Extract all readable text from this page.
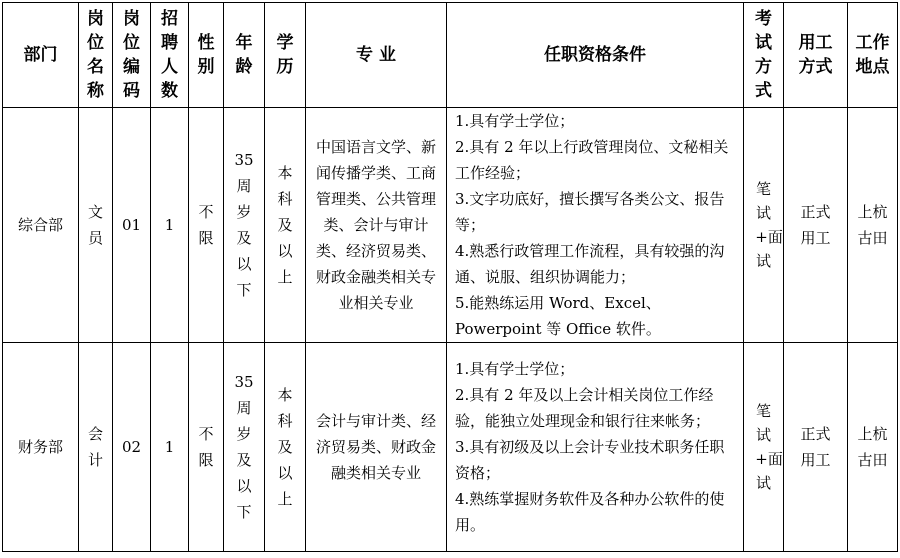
部门	岗位名称	岗位编码	招聘人数	性别	年龄	学历	专 业	任职资格条件	考试方式	用工方式	工作地点
综合部	文员	01	1	不限	35周岁及以下	本科及以上	中国语言文学、新闻传播学类、工商管理类、公共管理类、会计与审计类、经济贸易类、财政金融类相关专业相关专业	1.具有学士学位；
2.具有 2 年以上行政管理岗位、文秘相关工作经验；
3.文字功底好，擅长撰写各类公文、报告等；
4.熟悉行政管理工作流程，具有较强的沟通、说服、组织协调能力；
5.能熟练运用 Word、Excel、Powerpoint 等 Office 软件。	笔试+面试	正式用工	上杭古田
财务部	会计	02	1	不限	35周岁及以下	本科及以上	会计与审计类、经济贸易类、财政金融类相关专业	1.具有学士学位；
2.具有 2 年及以上会计相关岗位工作经验，能独立处理现金和银行往来帐务；
3.具有初级及以上会计专业技术职务任职资格；
4.熟练掌握财务软件及各种办公软件的使用。	笔试+面试	正式用工	上杭古田
